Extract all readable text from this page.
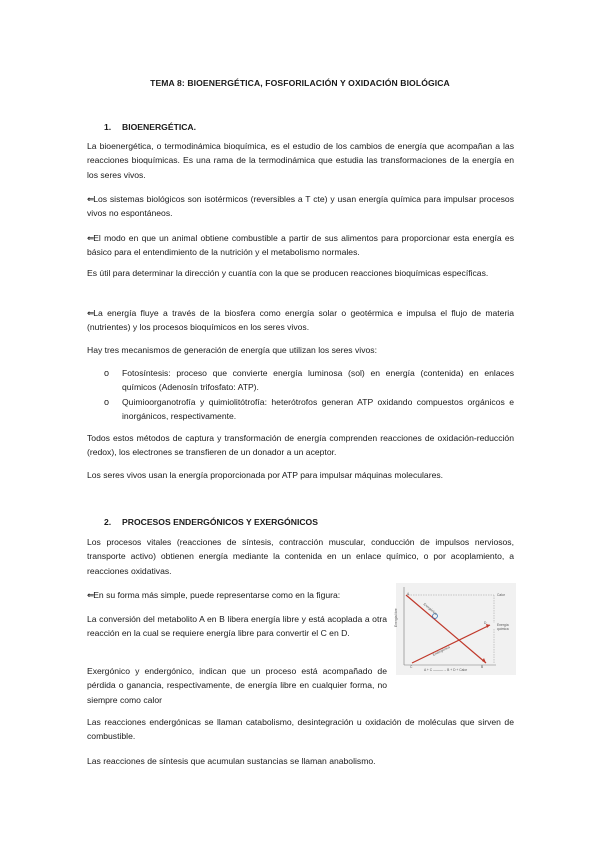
TEMA 8: BIOENERGÉTICA, FOSFORILACIÓN Y OXIDACIÓN BIOLÓGICA
1. BIOENERGÉTICA.
La bioenergética, o termodinámica bioquímica, es el estudio de los cambios de energía que acompañan a las reacciones bioquímicas. Es una rama de la termodinámica que estudia las transformaciones de la energía en los seres vivos.
⇐Los sistemas biológicos son isotérmicos (reversibles a T cte) y usan energía química para impulsar procesos vivos no espontáneos.
⇐El modo en que un animal obtiene combustible a partir de sus alimentos para proporcionar esta energía es básico para el entendimiento de la nutrición y el metabolismo normales.
Es útil para determinar la dirección y cuantía con la que se producen reacciones bioquímicas específicas.
⇐La energía fluye a través de la biosfera como energía solar o geotérmica e impulsa el flujo de materia (nutrientes) y los procesos bioquímicos en los seres vivos.
Hay tres mecanismos de generación de energía que utilizan los seres vivos:
o Fotosíntesis: proceso que convierte energía luminosa (sol) en energía (contenida) en enlaces químicos (Adenosín trifosfato: ATP).
o Quimioorganotrofía y quimiolitótrofía: heterótrofos generan ATP oxidando compuestos orgánicos e inorgánicos, respectivamente.
Todos estos métodos de captura y transformación de energía comprenden reacciones de oxidación-reducción (redox), los electrones se transfieren de un donador a un aceptor.
Los seres vivos usan la energía proporcionada por ATP para impulsar máquinas moleculares.
2. PROCESOS ENDERGÓNICOS Y EXERGÓNICOS
Los procesos vitales (reacciones de síntesis, contracción muscular, conducción de impulsos nerviosos, transporte activo) obtienen energía mediante la contenida en un enlace químico, o por acoplamiento, a reacciones oxidativas.
⇐En su forma más simple, puede representarse como en la figura:
La conversión del metabolito A en B libera energía libre y está acoplada a otra reacción en la cual se requiere energía libre para convertir el C en D.
Exergónico y endergónico, indican que un proceso está acompañado de pérdida o ganancia, respectivamente, de energía libre en cualquier forma, no siempre como calor
Las reacciones endergónicas se llaman catabolismo, desintegración u oxidación de moléculas que sirven de combustible.
Las reacciones de síntesis que acumulan sustancias se llaman anabolismo.
A
D
B
C
Calor
Energía química
Energía libre	Exergónica
Endergónica
A + C ———→ B + D + Calor
